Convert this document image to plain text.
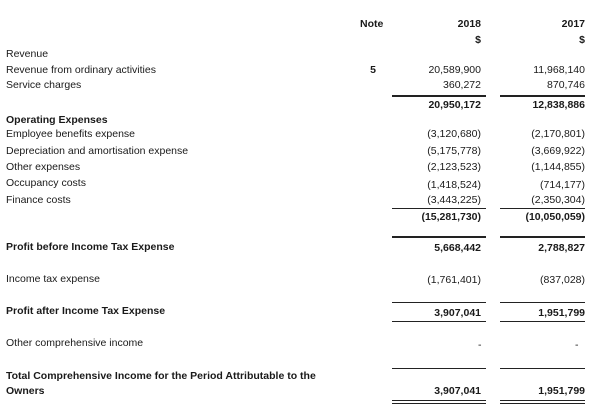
Note	2018	2017
$	$
Revenue
Revenue from ordinary activities	5	20,589,900	11,968,140
Service charges	360,272	870,746
20,950,172	12,838,886
Operating Expenses
Employee benefits expense	(3,120,680)	(2,170,801)
Depreciation and amortisation expense	(5,175,778)	(3,669,922)
Other expenses	(2,123,523)	(1,144,855)
Occupancy costs	(1,418,524)	(714,177)
Finance costs	(3,443,225)	(2,350,304)
(15,281,730)	(10,050,059)
Profit before Income Tax Expense	5,668,442	2,788,827
Income tax expense	(1,761,401)	(837,028)
Profit after Income Tax Expense	3,907,041	1,951,799
Other comprehensive income	-	-
Total Comprehensive Income for the Period Attributable to the
Owners	3,907,041	1,951,799
